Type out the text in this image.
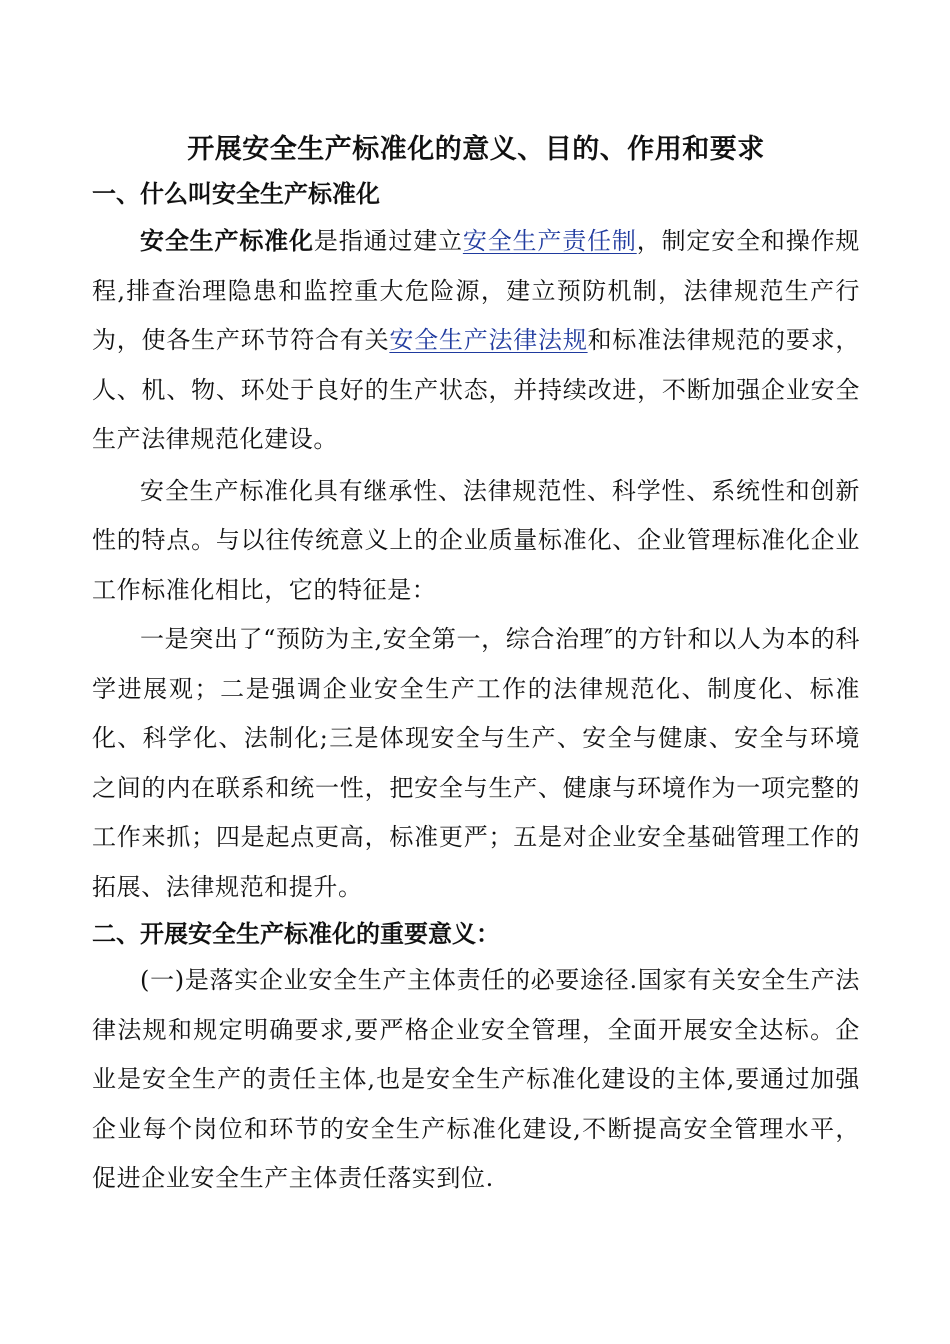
开展安全生产标准化的意义、目的、作用和要求
一、什么叫安全生产标准化

安全生产标准化是指通过建立安全生产责任制，制定安全和操作规程,排查治理隐患和监控重大危险源，建立预防机制，法律规范生产行为，使各生产环节符合有关安全生产法律法规和标准法律规范的要求，人、机、物、环处于良好的生产状态，并持续改进，不断加强企业安全生产法律规范化建设。

安全生产标准化具有继承性、法律规范性、科学性、系统性和创新性的特点。与以往传统意义上的企业质量标准化、企业管理标准化企业工作标准化相比，它的特征是：

一是突出了“预防为主,安全第一，综合治理″的方针和以人为本的科学进展观；二是强调企业安全生产工作的法律规范化、制度化、标准化、科学化、法制化;三是体现安全与生产、安全与健康、安全与环境之间的内在联系和统一性，把安全与生产、健康与环境作为一项完整的工作来抓；四是起点更高，标准更严；五是对企业安全基础管理工作的拓展、法律规范和提升。

二、开展安全生产标准化的重要意义：

(一)是落实企业安全生产主体责任的必要途径.国家有关安全生产法律法规和规定明确要求,要严格企业安全管理，全面开展安全达标。企业是安全生产的责任主体,也是安全生产标准化建设的主体,要通过加强企业每个岗位和环节的安全生产标准化建设,不断提高安全管理水平，促进企业安全生产主体责任落实到位.
